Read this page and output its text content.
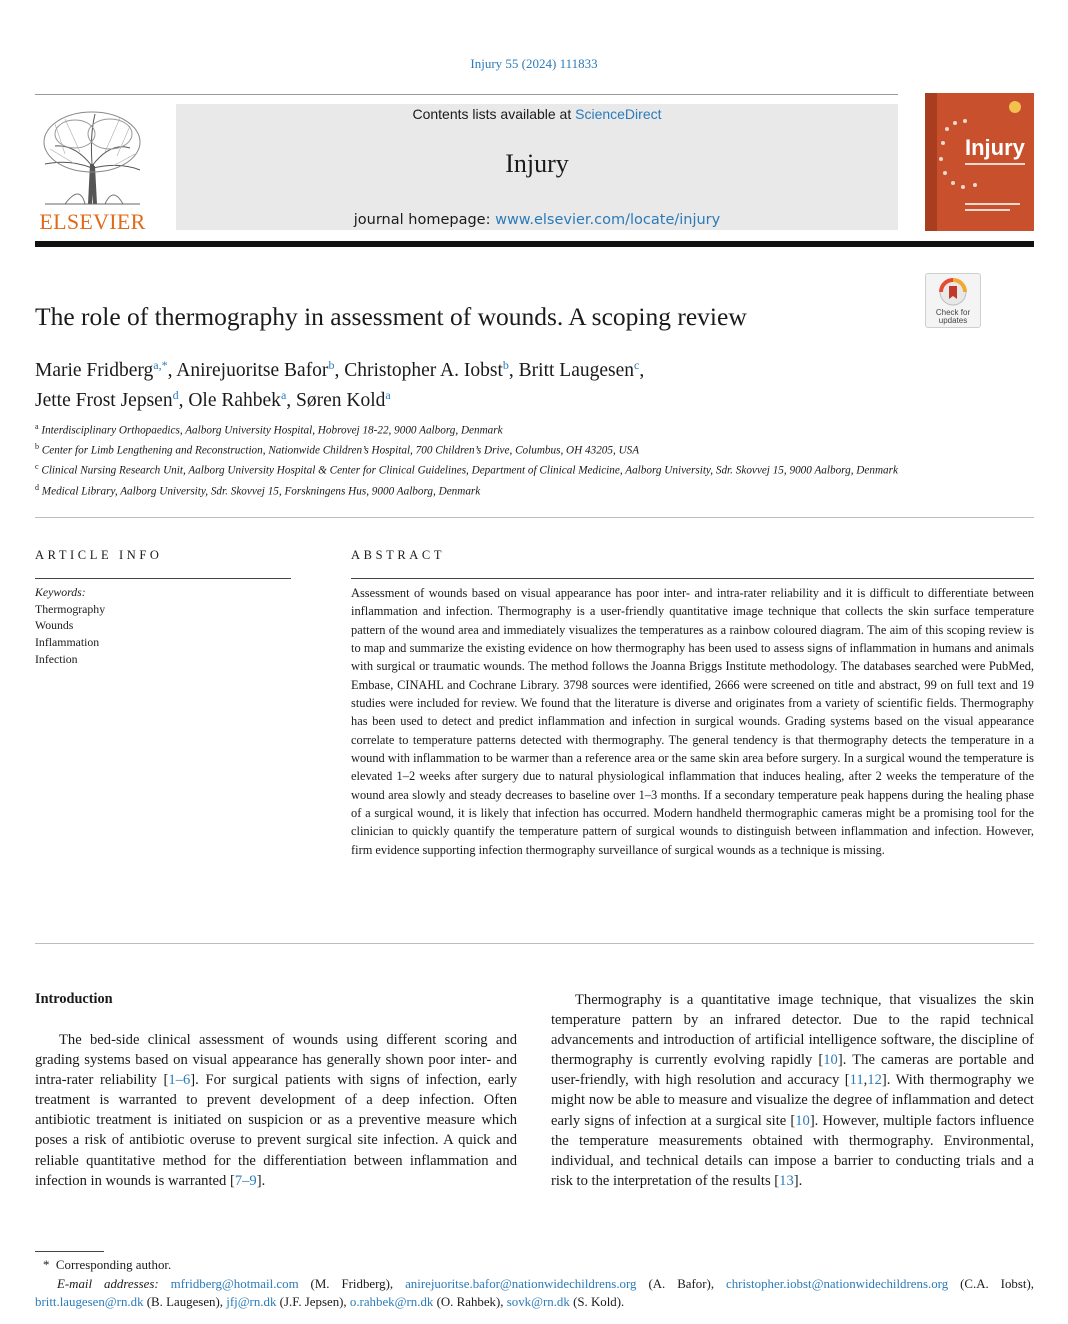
Injury 55 (2024) 111833
ELSEVIER
Contents lists available at ScienceDirect
Injury
journal homepage: www.elsevier.com/locate/injury
Injury
Check for
updates
The role of thermography in assessment of wounds. A scoping review
Marie Fridberg$^{a,*}$, Anirejuoritse Bafor$^b$, Christopher A. Iobst$^b$, Britt Laugesen$^c$,
Jette Frost Jepsen$^d$, Ole Rahbek$^a$, Søren Kold$^a$
$^a$ Interdisciplinary Orthopaedics, Aalborg University Hospital, Hobrovej 18-22, 9000 Aalborg, Denmark
$^b$ Center for Limb Lengthening and Reconstruction, Nationwide Children’s Hospital, 700 Children’s Drive, Columbus, OH 43205, USA
$^c$ Clinical Nursing Research Unit, Aalborg University Hospital & Center for Clinical Guidelines, Department of Clinical Medicine, Aalborg University, Sdr. Skovvej 15, 9000 Aalborg, Denmark
$^d$ Medical Library, Aalborg University, Sdr. Skovvej 15, Forskningens Hus, 9000 Aalborg, Denmark
ARTICLE INFO	ABSTRACT
Keywords:
Thermography
Wounds
Inflammation
Infection
Assessment of wounds based on visual appearance has poor inter- and intra-rater reliability and it is difficult to differentiate between inflammation and infection. Thermography is a user-friendly quantitative image technique that collects the skin surface temperature pattern of the wound area and immediately visualizes the temperatures as a rainbow coloured diagram. The aim of this scoping review is to map and summarize the existing evidence on how thermography has been used to assess signs of inflammation in humans and animals with surgical or traumatic wounds. The method follows the Joanna Briggs Institute methodology. The databases searched were PubMed, Embase, CINAHL and Cochrane Library. 3798 sources were identified, 2666 were screened on title and abstract, 99 on full text and 19 studies were included for review. We found that the literature is diverse and originates from a variety of scientific fields. Thermography has been used to detect and predict inflammation and infection in surgical wounds. Grading systems based on the visual appearance correlate to temperature patterns detected with thermography. The general tendency is that thermography detects the temperature in a wound with inflammation to be warmer than a reference area or the same skin area before surgery. In a surgical wound the temperature is elevated 1–2 weeks after surgery due to natural physiological inflammation that induces healing, after 2 weeks the temperature of the wound area slowly and steady decreases to baseline over 1–3 months. If a secondary temperature peak happens during the healing phase of a surgical wound, it is likely that infection has occurred. Modern handheld thermographic cameras might be a promising tool for the clinician to quickly quantify the temperature pattern of surgical wounds to distinguish between inflammation and infection. However, firm evidence supporting infection thermography surveillance of surgical wounds as a technique is missing.
Introduction
The bed-side clinical assessment of wounds using different scoring and grading systems based on visual appearance has generally shown poor inter- and intra-rater reliability [1–6]. For surgical patients with signs of infection, early treatment is warranted to prevent development of a deep infection. Often antibiotic treatment is initiated on suspicion or as a preventive measure which poses a risk of antibiotic overuse to prevent surgical site infection. A quick and reliable quantitative method for the differentiation between inflammation and infection in wounds is warranted [7–9].
Thermography is a quantitative image technique, that visualizes the skin temperature pattern by an infrared detector. Due to the rapid technical advancements and introduction of artificial intelligence software, the discipline of thermography is currently evolving rapidly [10]. The cameras are portable and user-friendly, with high resolution and accuracy [11,12]. With thermography we might now be able to measure and visualize the degree of inflammation and detect early signs of infection at a surgical site [10]. However, multiple factors influence the temperature measurements obtained with thermography. Environmental, individual, and technical details can impose a barrier to conducting trials and a risk to the interpretation of the results [13].
* Corresponding author.
E-mail addresses: mfridberg@hotmail.com (M. Fridberg), anirejuoritse.bafor@nationwidechildrens.org (A. Bafor), christopher.iobst@nationwidechildrens.org (C.A. Iobst), britt.laugesen@rn.dk (B. Laugesen), jfj@rn.dk (J.F. Jepsen), o.rahbek@rn.dk (O. Rahbek), sovk@rn.dk (S. Kold).
